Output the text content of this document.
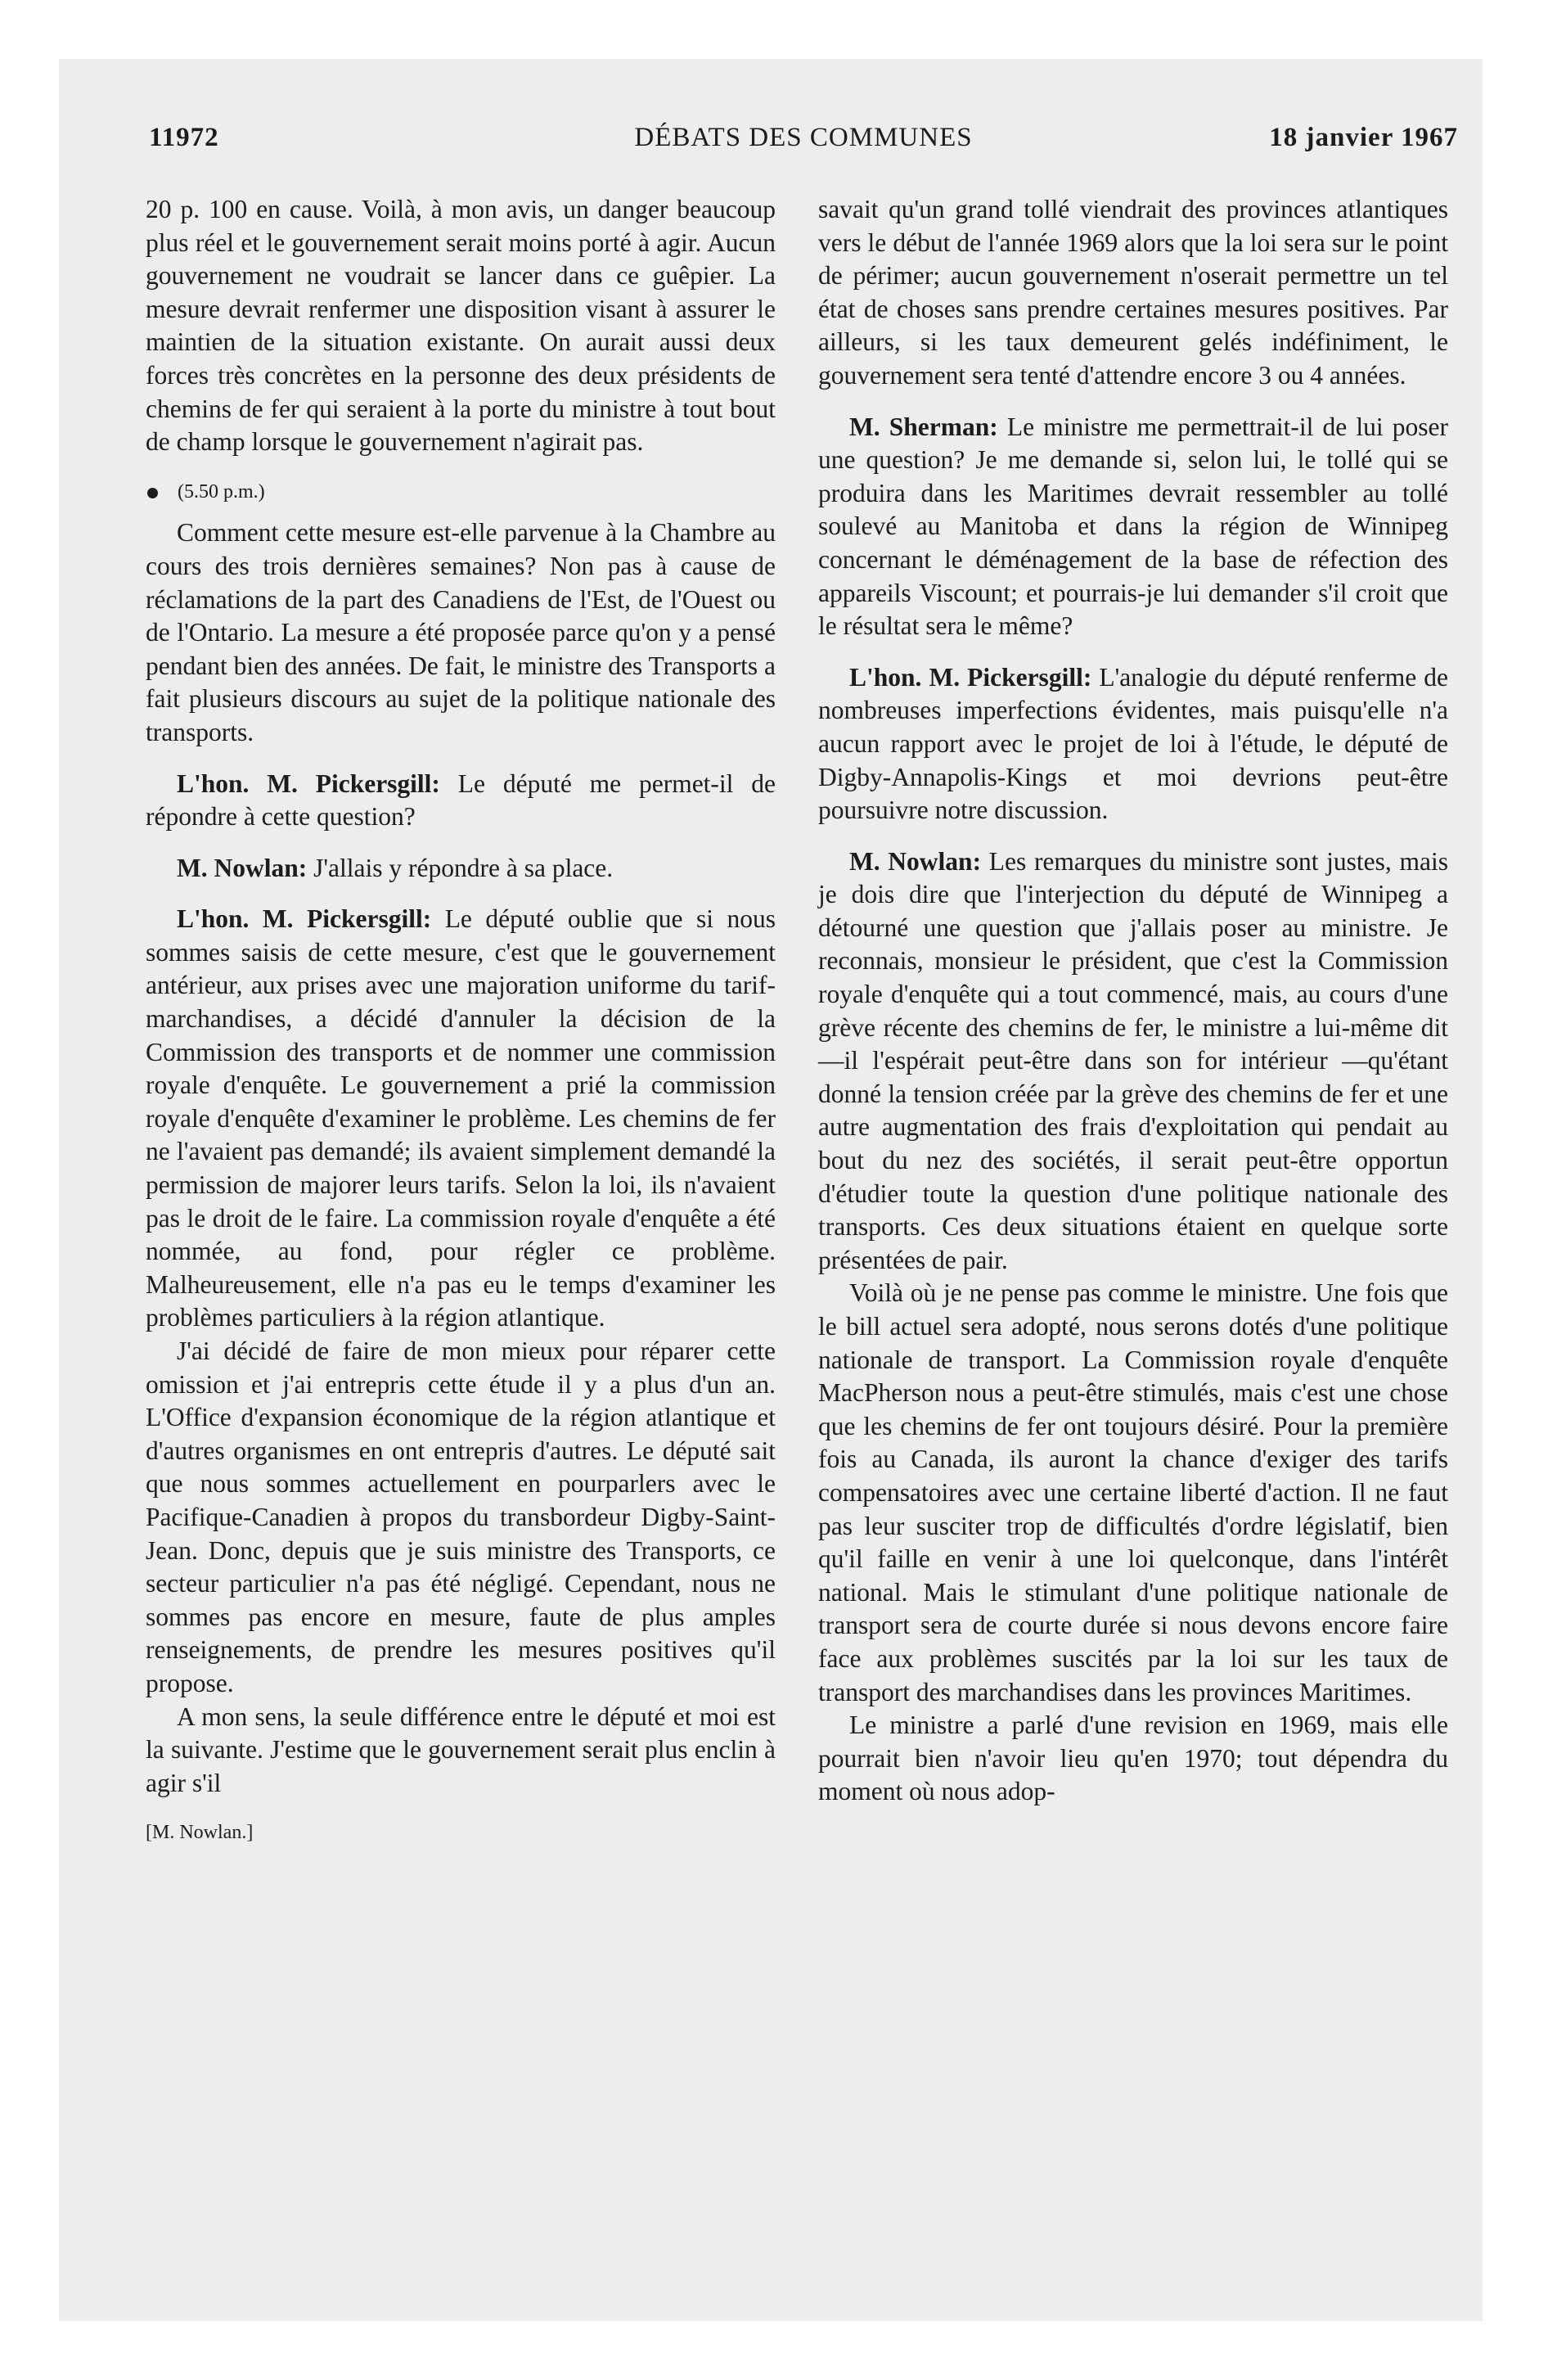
11972	DÉBATS DES COMMUNES	18 janvier 1967

20 p. 100 en cause. Voilà, à mon avis, un danger beaucoup plus réel et le gouvernement serait moins porté à agir. Aucun gouvernement ne voudrait se lancer dans ce guêpier. La mesure devrait renfermer une disposition visant à assurer le maintien de la situation existante. On aurait aussi deux forces très concrètes en la personne des deux présidents de chemins de fer qui seraient à la porte du ministre à tout bout de champ lorsque le gouvernement n'agirait pas.

(5.50 p.m.)

Comment cette mesure est-elle parvenue à la Chambre au cours des trois dernières semaines? Non pas à cause de réclamations de la part des Canadiens de l'Est, de l'Ouest ou de l'Ontario. La mesure a été proposée parce qu'on y a pensé pendant bien des années. De fait, le ministre des Transports a fait plusieurs discours au sujet de la politique nationale des transports.

L'hon. M. Pickersgill: Le député me permet-il de répondre à cette question?

M. Nowlan: J'allais y répondre à sa place.

L'hon. M. Pickersgill: Le député oublie que si nous sommes saisis de cette mesure, c'est que le gouvernement antérieur, aux prises avec une majoration uniforme du tarif-marchandises, a décidé d'annuler la décision de la Commission des transports et de nommer une commission royale d'enquête. Le gouvernement a prié la commission royale d'enquête d'examiner le problème. Les chemins de fer ne l'avaient pas demandé; ils avaient simplement demandé la permission de majorer leurs tarifs. Selon la loi, ils n'avaient pas le droit de le faire. La commission royale d'enquête a été nommée, au fond, pour régler ce problème. Malheureusement, elle n'a pas eu le temps d'examiner les problèmes particuliers à la région atlantique.

J'ai décidé de faire de mon mieux pour réparer cette omission et j'ai entrepris cette étude il y a plus d'un an. L'Office d'expansion économique de la région atlantique et d'autres organismes en ont entrepris d'autres. Le député sait que nous sommes actuellement en pourparlers avec le Pacifique-Canadien à propos du transbordeur Digby-Saint-Jean. Donc, depuis que je suis ministre des Transports, ce secteur particulier n'a pas été négligé. Cependant, nous ne sommes pas encore en mesure, faute de plus amples renseignements, de prendre les mesures positives qu'il propose.

A mon sens, la seule différence entre le député et moi est la suivante. J'estime que le gouvernement serait plus enclin à agir s'il

[M. Nowlan.]

savait qu'un grand tollé viendrait des provinces atlantiques vers le début de l'année 1969 alors que la loi sera sur le point de périmer; aucun gouvernement n'oserait permettre un tel état de choses sans prendre certaines mesures positives. Par ailleurs, si les taux demeurent gelés indéfiniment, le gouvernement sera tenté d'attendre encore 3 ou 4 années.

M. Sherman: Le ministre me permettrait-il de lui poser une question? Je me demande si, selon lui, le tollé qui se produira dans les Maritimes devrait ressembler au tollé soulevé au Manitoba et dans la région de Winnipeg concernant le déménagement de la base de réfection des appareils Viscount; et pourrais-je lui demander s'il croit que le résultat sera le même?

L'hon. M. Pickersgill: L'analogie du député renferme de nombreuses imperfections évidentes, mais puisqu'elle n'a aucun rapport avec le projet de loi à l'étude, le député de Digby-Annapolis-Kings et moi devrions peut-être poursuivre notre discussion.

M. Nowlan: Les remarques du ministre sont justes, mais je dois dire que l'interjection du député de Winnipeg a détourné une question que j'allais poser au ministre. Je reconnais, monsieur le président, que c'est la Commission royale d'enquête qui a tout commencé, mais, au cours d'une grève récente des chemins de fer, le ministre a lui-même dit—il l'espérait peut-être dans son for intérieur —qu'étant donné la tension créée par la grève des chemins de fer et une autre augmentation des frais d'exploitation qui pendait au bout du nez des sociétés, il serait peut-être opportun d'étudier toute la question d'une politique nationale des transports. Ces deux situations étaient en quelque sorte présentées de pair.

Voilà où je ne pense pas comme le ministre. Une fois que le bill actuel sera adopté, nous serons dotés d'une politique nationale de transport. La Commission royale d'enquête MacPherson nous a peut-être stimulés, mais c'est une chose que les chemins de fer ont toujours désiré. Pour la première fois au Canada, ils auront la chance d'exiger des tarifs compensatoires avec une certaine liberté d'action. Il ne faut pas leur susciter trop de difficultés d'ordre législatif, bien qu'il faille en venir à une loi quelconque, dans l'intérêt national. Mais le stimulant d'une politique nationale de transport sera de courte durée si nous devons encore faire face aux problèmes suscités par la loi sur les taux de transport des marchandises dans les provinces Maritimes.

Le ministre a parlé d'une revision en 1969, mais elle pourrait bien n'avoir lieu qu'en 1970; tout dépendra du moment où nous adop-
